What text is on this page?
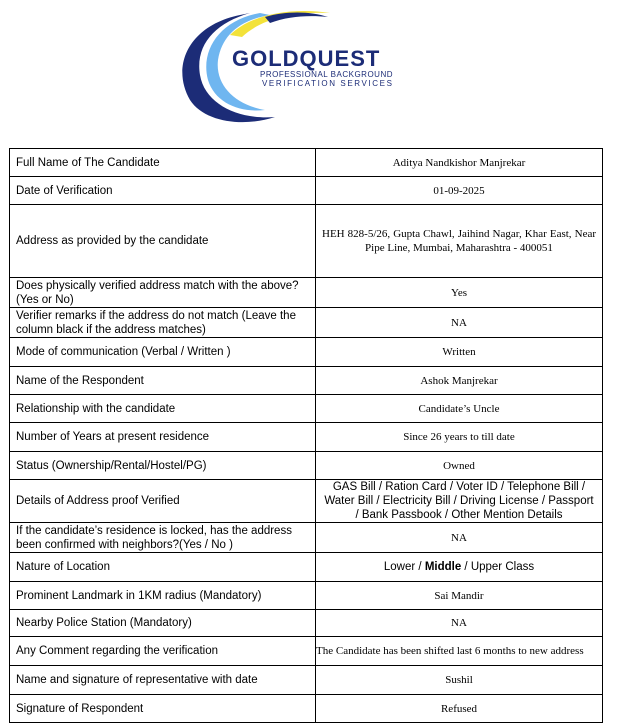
GOLDQUEST
PROFESSIONAL BACKGROUND
VERIFICATION SERVICES
Full Name of The Candidate	Aditya Nandkishor Manjrekar
Date of Verification	01-09-2025
Address as provided by the candidate	HEH 828-5/26, Gupta Chawl, Jaihind Nagar, Khar East, Near Pipe Line, Mumbai, Maharashtra - 400051
Does physically verified address match with the above? (Yes or No)	Yes
Verifier remarks if the address do not match (Leave the column black if the address matches)	NA
Mode of communication (Verbal / Written )	Written
Name of the Respondent	Ashok Manjrekar
Relationship with the candidate	Candidate’s Uncle
Number of Years at present residence	Since 26 years to till date
Status (Ownership/Rental/Hostel/PG)	Owned
Details of Address proof Verified	GAS Bill / Ration Card / Voter ID / Telephone Bill / Water Bill / Electricity Bill / Driving License / Passport / Bank Passbook / Other Mention Details
If the candidate’s residence is locked, has the address been confirmed with neighbors?(Yes / No )	NA
Nature of Location	Lower / Middle / Upper Class
Prominent Landmark in 1KM radius (Mandatory)	Sai Mandir
Nearby Police Station (Mandatory)	NA
Any Comment regarding the verification	The Candidate has been shifted last 6 months to new address
Name and signature of representative with date	Sushil
Signature of Respondent	Refused
